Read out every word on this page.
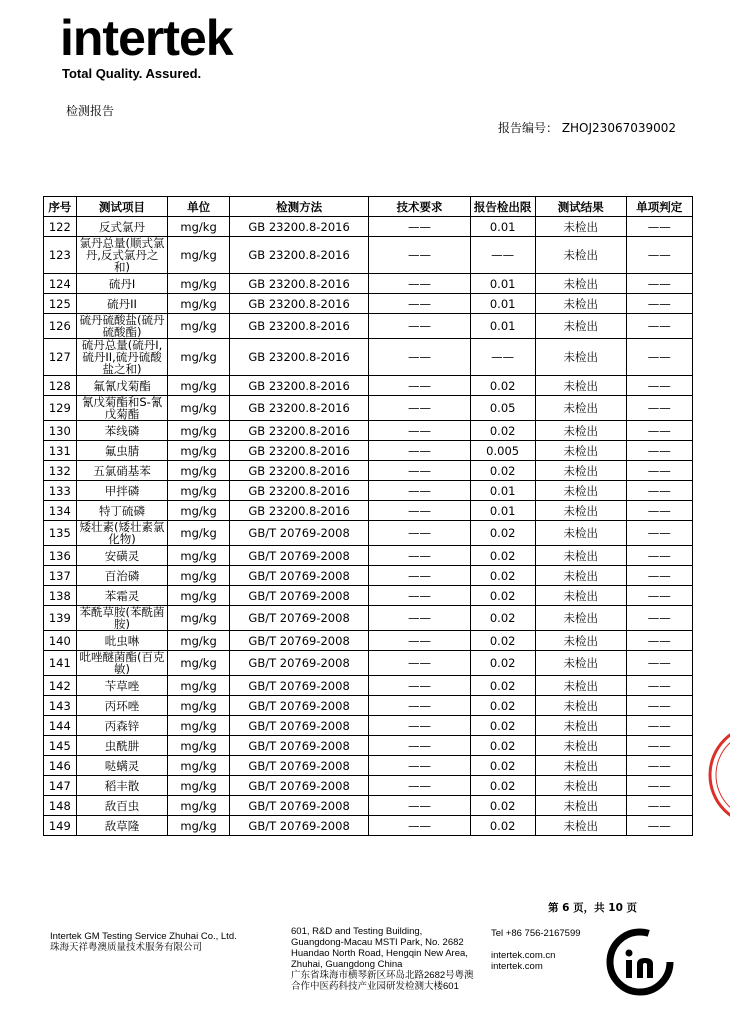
intertek
Total Quality. Assured.
检测报告
报告编号： ZHOJ23067039002
序号	测试项目	单位	检测方法	技术要求	报告检出限	测试结果	单项判定
122	反式氯丹	mg/kg	GB 23200.8-2016	——	0.01	未检出	——
123	氯丹总量(顺式氯丹,反式氯丹之和)	mg/kg	GB 23200.8-2016	——	——	未检出	——
124	硫丹I	mg/kg	GB 23200.8-2016	——	0.01	未检出	——
125	硫丹II	mg/kg	GB 23200.8-2016	——	0.01	未检出	——
126	硫丹硫酸盐(硫丹硫酸酯)	mg/kg	GB 23200.8-2016	——	0.01	未检出	——
127	硫丹总量(硫丹I,硫丹II,硫丹硫酸盐之和)	mg/kg	GB 23200.8-2016	——	——	未检出	——
128	氟氰戊菊酯	mg/kg	GB 23200.8-2016	——	0.02	未检出	——
129	氰戊菊酯和S-氰戊菊酯	mg/kg	GB 23200.8-2016	——	0.05	未检出	——
130	苯线磷	mg/kg	GB 23200.8-2016	——	0.02	未检出	——
131	氟虫腈	mg/kg	GB 23200.8-2016	——	0.005	未检出	——
132	五氯硝基苯	mg/kg	GB 23200.8-2016	——	0.02	未检出	——
133	甲拌磷	mg/kg	GB 23200.8-2016	——	0.01	未检出	——
134	特丁硫磷	mg/kg	GB 23200.8-2016	——	0.01	未检出	——
135	矮壮素(矮壮素氯化物)	mg/kg	GB/T 20769-2008	——	0.02	未检出	——
136	安磺灵	mg/kg	GB/T 20769-2008	——	0.02	未检出	——
137	百治磷	mg/kg	GB/T 20769-2008	——	0.02	未检出	——
138	苯霜灵	mg/kg	GB/T 20769-2008	——	0.02	未检出	——
139	苯酰草胺(苯酰菌胺)	mg/kg	GB/T 20769-2008	——	0.02	未检出	——
140	吡虫啉	mg/kg	GB/T 20769-2008	——	0.02	未检出	——
141	吡唑醚菌酯(百克敏)	mg/kg	GB/T 20769-2008	——	0.02	未检出	——
142	苄草唑	mg/kg	GB/T 20769-2008	——	0.02	未检出	——
143	丙环唑	mg/kg	GB/T 20769-2008	——	0.02	未检出	——
144	丙森锌	mg/kg	GB/T 20769-2008	——	0.02	未检出	——
145	虫酰肼	mg/kg	GB/T 20769-2008	——	0.02	未检出	——
146	哒螨灵	mg/kg	GB/T 20769-2008	——	0.02	未检出	——
147	稻丰散	mg/kg	GB/T 20769-2008	——	0.02	未检出	——
148	敌百虫	mg/kg	GB/T 20769-2008	——	0.02	未检出	——
149	敌草隆	mg/kg	GB/T 20769-2008	——	0.02	未检出	——
第 6 页，共 10 页
Intertek GM Testing Service Zhuhai Co., Ltd.
珠海天祥粤澳质量技术服务有限公司
601, R&D and Testing Building,
Guangdong-Macau MSTI Park, No. 2682
Huandao North Road, Hengqin New Area,
Zhuhai, Guangdong China
广东省珠海市横琴新区环岛北路2682号粤澳
合作中医药科技产业园研发检测大楼601
Tel +86 756-2167599
intertek.com.cn
intertek.com
